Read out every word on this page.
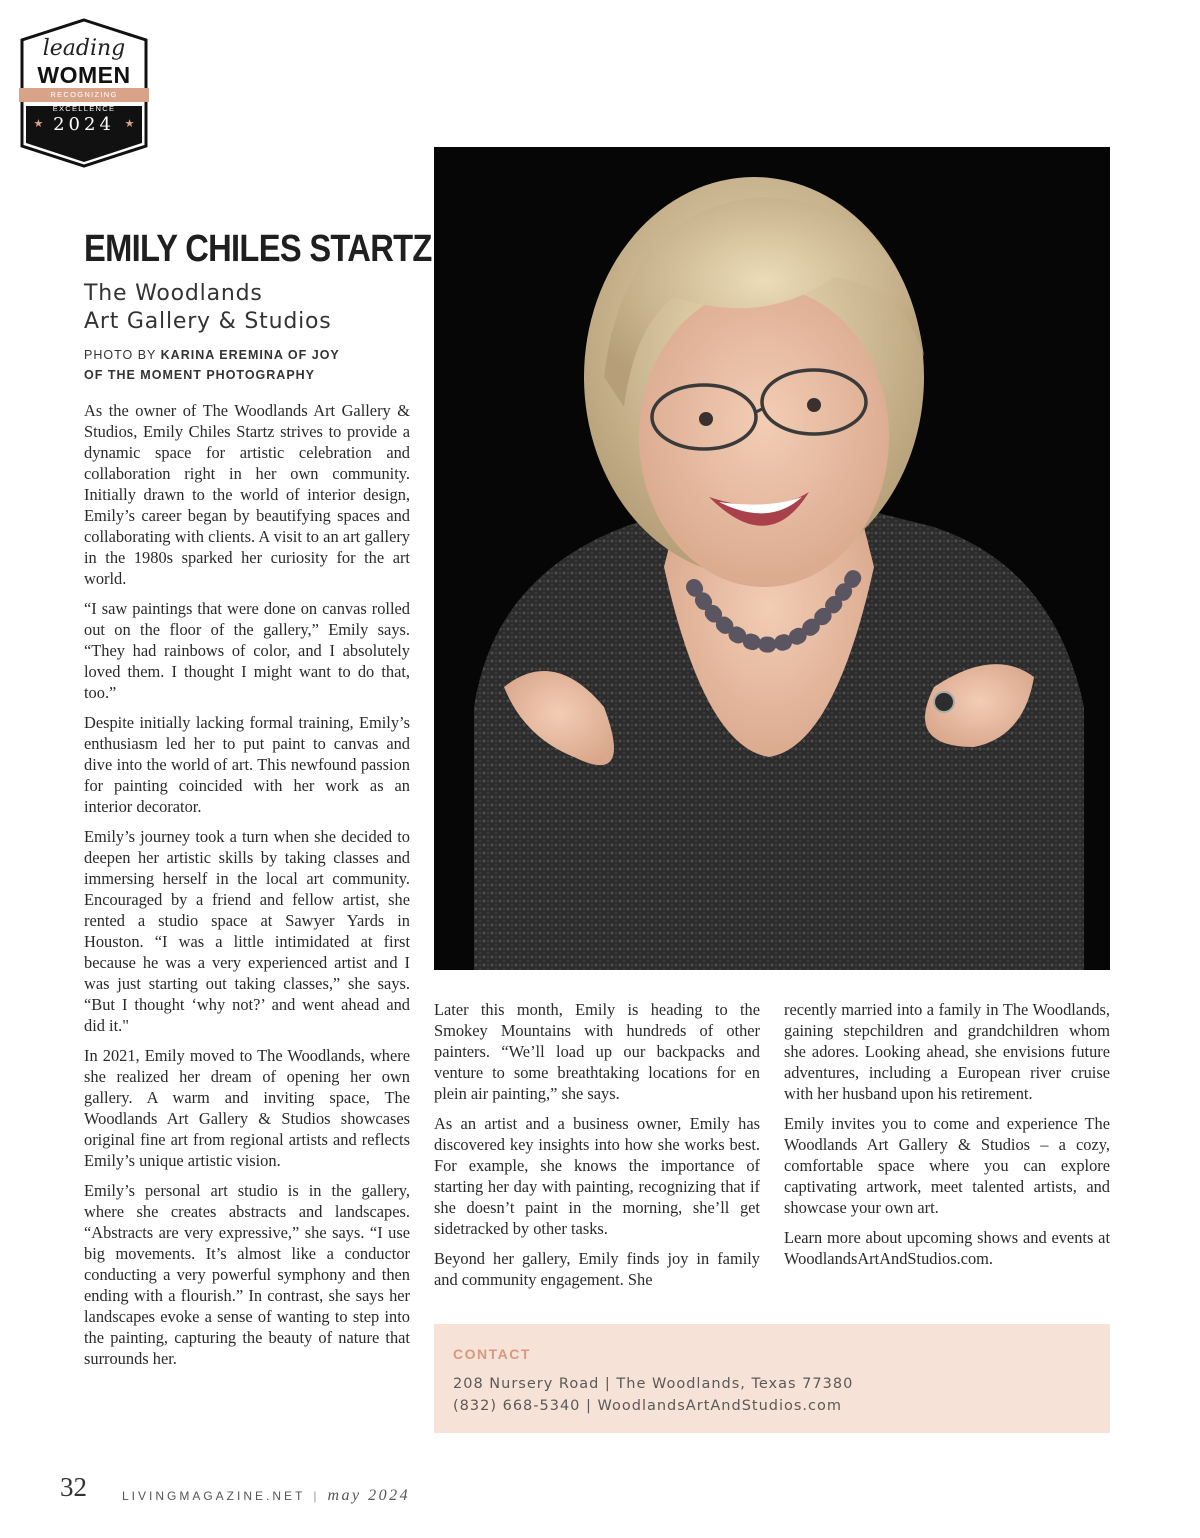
leading
WOMEN
RECOGNIZING EXCELLENCE
★ 2024 ★
EMILY CHILES STARTZ
The Woodlands
Art Gallery & Studios
PHOTO BY KARINA EREMINA OF JOY
OF THE MOMENT PHOTOGRAPHY

As the owner of The Woodlands Art Gallery & Studios, Emily Chiles Startz strives to provide a dynamic space for artistic celebration and collaboration right in her own community. Initially drawn to the world of interior design, Emily’s career began by beautifying spaces and collaborating with clients. A visit to an art gallery in the 1980s sparked her curiosity for the art world.

“I saw paintings that were done on canvas rolled out on the floor of the gallery,” Emily says. “They had rainbows of color, and I absolutely loved them. I thought I might want to do that, too.”

Despite initially lacking formal training, Emily’s enthusiasm led her to put paint to canvas and dive into the world of art. This newfound passion for painting coincided with her work as an interior decorator.

Emily’s journey took a turn when she decided to deepen her artistic skills by taking classes and immersing herself in the local art community. Encouraged by a friend and fellow artist, she rented a studio space at Sawyer Yards in Houston. “I was a little intimidated at first because he was a very experienced artist and I was just starting out taking classes,” she says. “But I thought ‘why not?’ and went ahead and did it."

In 2021, Emily moved to The Woodlands, where she realized her dream of opening her own gallery. A warm and inviting space, The Woodlands Art Gallery & Studios showcases original fine art from regional artists and reflects Emily’s unique artistic vision.

Emily’s personal art studio is in the gallery, where she creates abstracts and landscapes. “Abstracts are very expressive,” she says. “I use big movements. It’s almost like a conductor conducting a very powerful symphony and then ending with a flourish.” In contrast, she says her landscapes evoke a sense of wanting to step into the painting, capturing the beauty of nature that surrounds her.

Later this month, Emily is heading to the Smokey Mountains with hundreds of other painters. “We’ll load up our backpacks and venture to some breathtaking locations for en plein air painting,” she says.

As an artist and a business owner, Emily has discovered key insights into how she works best. For example, she knows the importance of starting her day with painting, recognizing that if she doesn’t paint in the morning, she’ll get sidetracked by other tasks.

Beyond her gallery, Emily finds joy in family and community engagement. She

recently married into a family in The Woodlands, gaining stepchildren and grandchildren whom she adores. Looking ahead, she envisions future adventures, including a European river cruise with her husband upon his retirement.

Emily invites you to come and experience The Woodlands Art Gallery & Studios – a cozy, comfortable space where you can explore captivating artwork, meet talented artists, and showcase your own art.

Learn more about upcoming shows and events at WoodlandsArtAndStudios.com.

CONTACT
208 Nursery Road | The Woodlands, Texas 77380
(832) 668-5340 | WoodlandsArtAndStudios.com
32	LIVINGMAGAZINE.NET | may 2024
